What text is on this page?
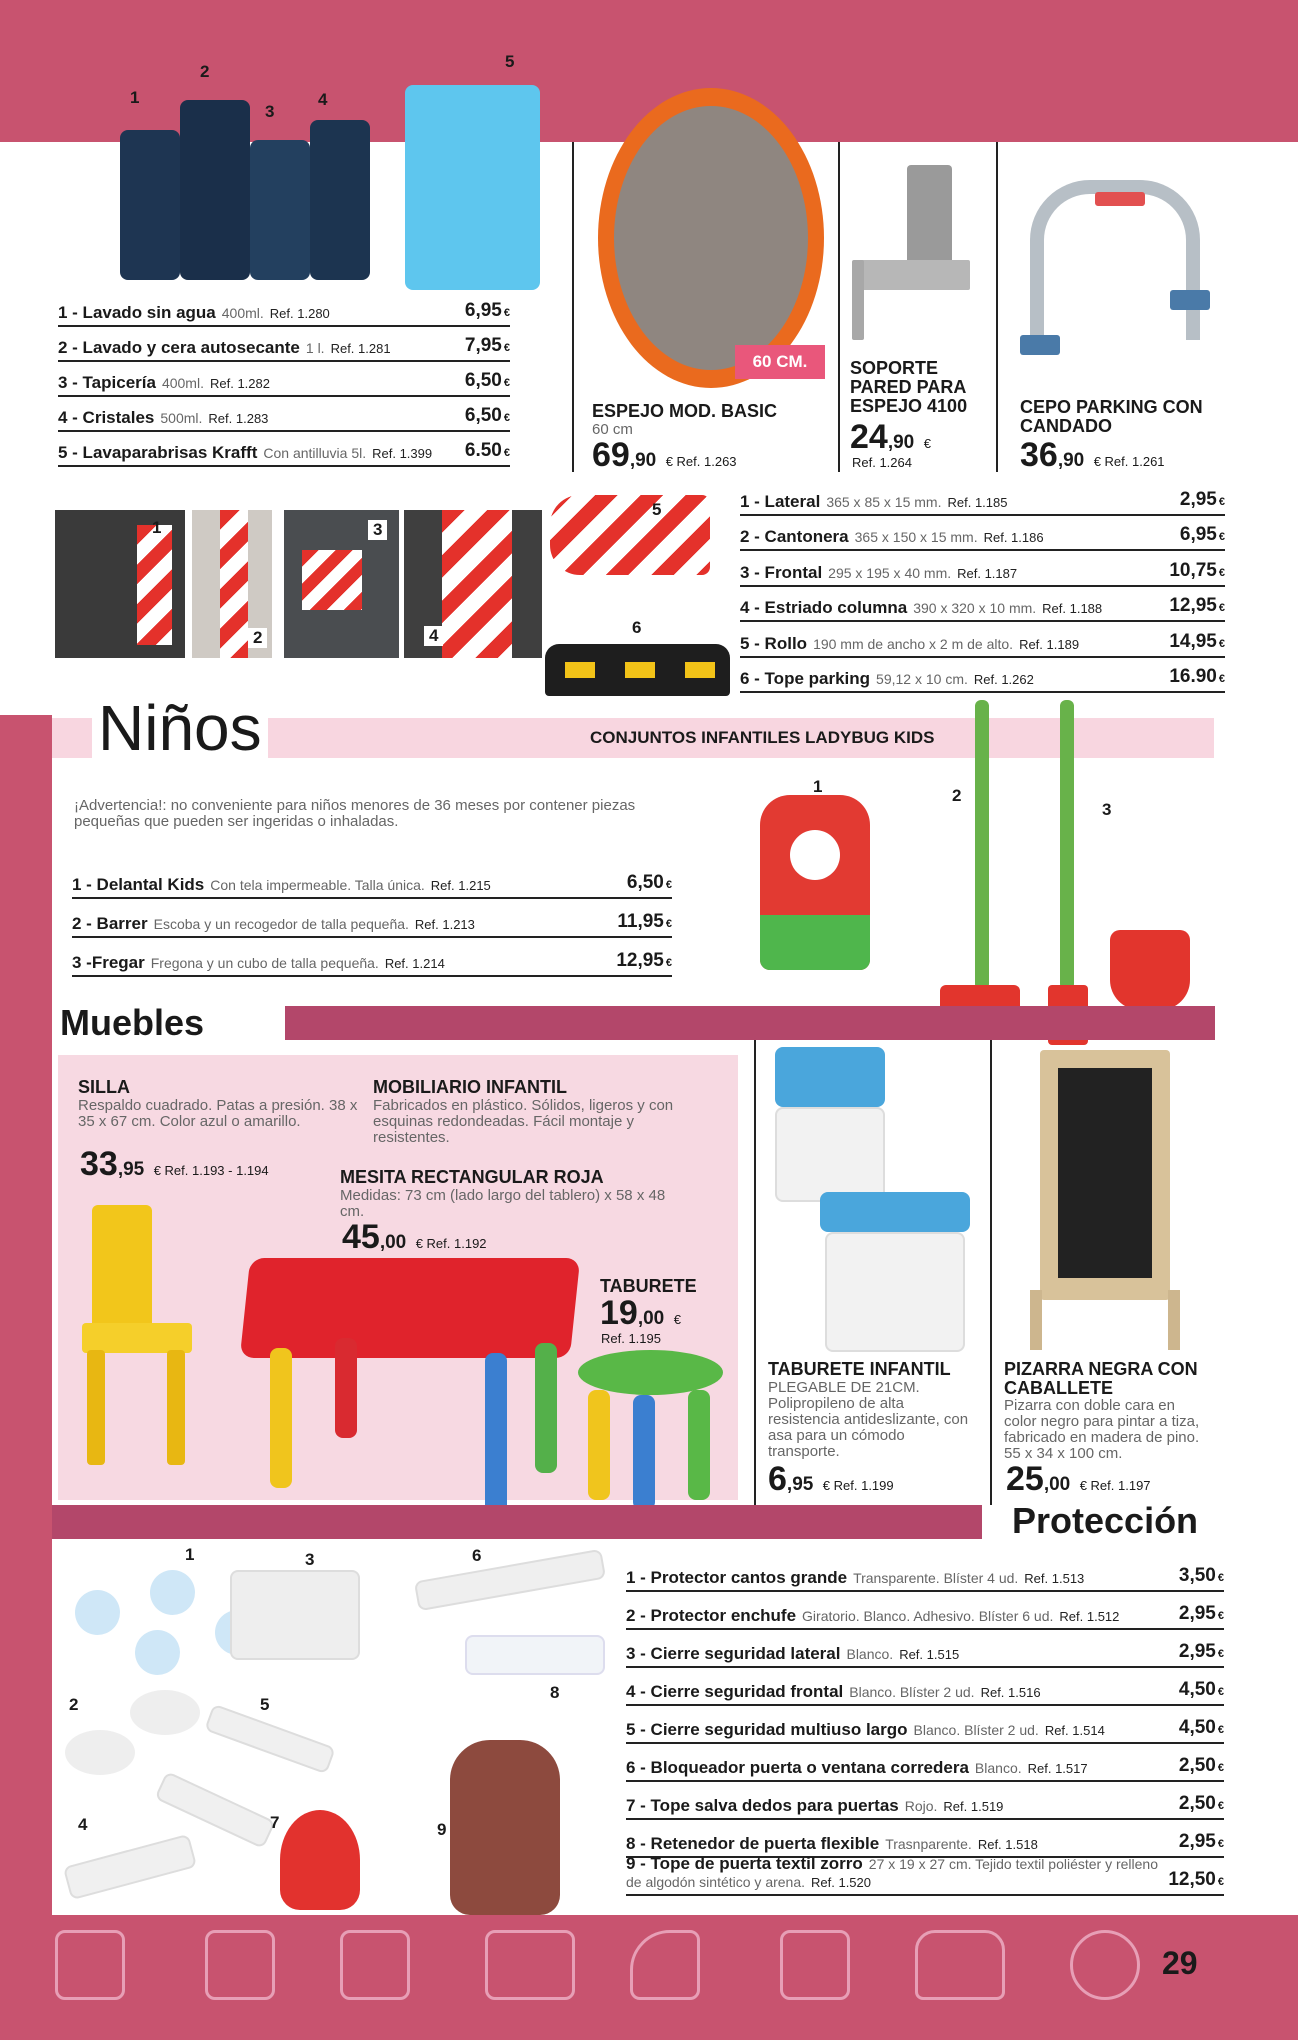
1
2
3
4
5
1 - Lavado sin agua 400ml. Ref. 1.280	6,95 €
2 - Lavado y cera autosecante 1 l. Ref. 1.281	7,95 €
3 - Tapicería 400ml. Ref. 1.282	6,50 €
4 - Cristales 500ml. Ref. 1.283	6,50 €
5 - Lavaparabrisas Krafft Con antilluvia 5l. Ref. 1.399	6.50 €
60 CM.
ESPEJO MOD. BASIC
60 cm
69,90 € Ref. 1.263
SOPORTE PARED PARA ESPEJO 4100
24,90 €
Ref. 1.264
CEPO PARKING CON CANDADO
36,90 € Ref. 1.261
1
2
3
4
5
6
1 - Lateral 365 x 85 x 15 mm. Ref. 1.185	2,95 €
2 - Cantonera 365 x 150 x 15 mm. Ref. 1.186	6,95 €
3 - Frontal 295 x 195 x 40 mm. Ref. 1.187	10,75 €
4 - Estriado columna 390 x 320 x 10 mm. Ref. 1.188	12,95 €
5 - Rollo 190 mm de ancho x 2 m de alto. Ref. 1.189	14,95 €
6 - Tope parking 59,12 x 10 cm. Ref. 1.262	16.90 €
Niños	CONJUNTOS INFANTILES LADYBUG KIDS
¡Advertencia!: no conveniente para niños menores de 36 meses por contener piezas pequeñas que pueden ser ingeridas o inhaladas.
1 - Delantal Kids Con tela impermeable. Talla única. Ref. 1.215	6,50 €
2 - Barrer Escoba y un recogedor de talla pequeña. Ref. 1.213	11,95 €
3 -Fregar Fregona y un cubo de talla pequeña. Ref. 1.214	12,95 €
1	2
3
Muebles
SILLA
Respaldo cuadrado. Patas a presión. 38 x 35 x 67 cm. Color azul o amarillo.
33,95 € Ref. 1.193 - 1.194
MOBILIARIO INFANTIL
Fabricados en plástico. Sólidos, ligeros y con esquinas redondeadas. Fácil montaje y resistentes.
MESITA RECTANGULAR ROJA
Medidas: 73 cm (lado largo del tablero) x 58 x 48 cm.
45,00 € Ref. 1.192
TABURETE
19,00 €
Ref. 1.195
TABURETE INFANTIL
PLEGABLE DE 21CM. Polipropileno de alta resistencia antideslizante, con asa para un cómodo transporte.
6,95 € Ref. 1.199
PIZARRA NEGRA CON CABALLETE
Pizarra con doble cara en color negro para pintar a tiza, fabricado en madera de pino. 55 x 34 x 100 cm.
25,00 € Ref. 1.197
Protección
1
2
3
4
5
6
7
8
9
1 - Protector cantos grande Transparente. Blíster 4 ud. Ref. 1.513	3,50 €
2 - Protector enchufe Giratorio. Blanco. Adhesivo. Blíster 6 ud. Ref. 1.512	2,95 €
3 - Cierre seguridad lateral Blanco. Ref. 1.515	2,95 €
4 - Cierre seguridad frontal Blanco. Blíster 2 ud. Ref. 1.516	4,50 €
5 - Cierre seguridad multiuso largo Blanco. Blíster 2 ud. Ref. 1.514	4,50 €
6 - Bloqueador puerta o ventana corredera Blanco. Ref. 1.517	2,50 €
7 - Tope salva dedos para puertas Rojo. Ref. 1.519	2,50 €
8 - Retenedor de puerta flexible Trasnparente. Ref. 1.518	2,95 €
9 - Tope de puerta textil zorro 27 x 19 x 27 cm. Tejido textil poliéster y relleno de algodón sintético y arena. Ref. 1.520	12,50 €
29
